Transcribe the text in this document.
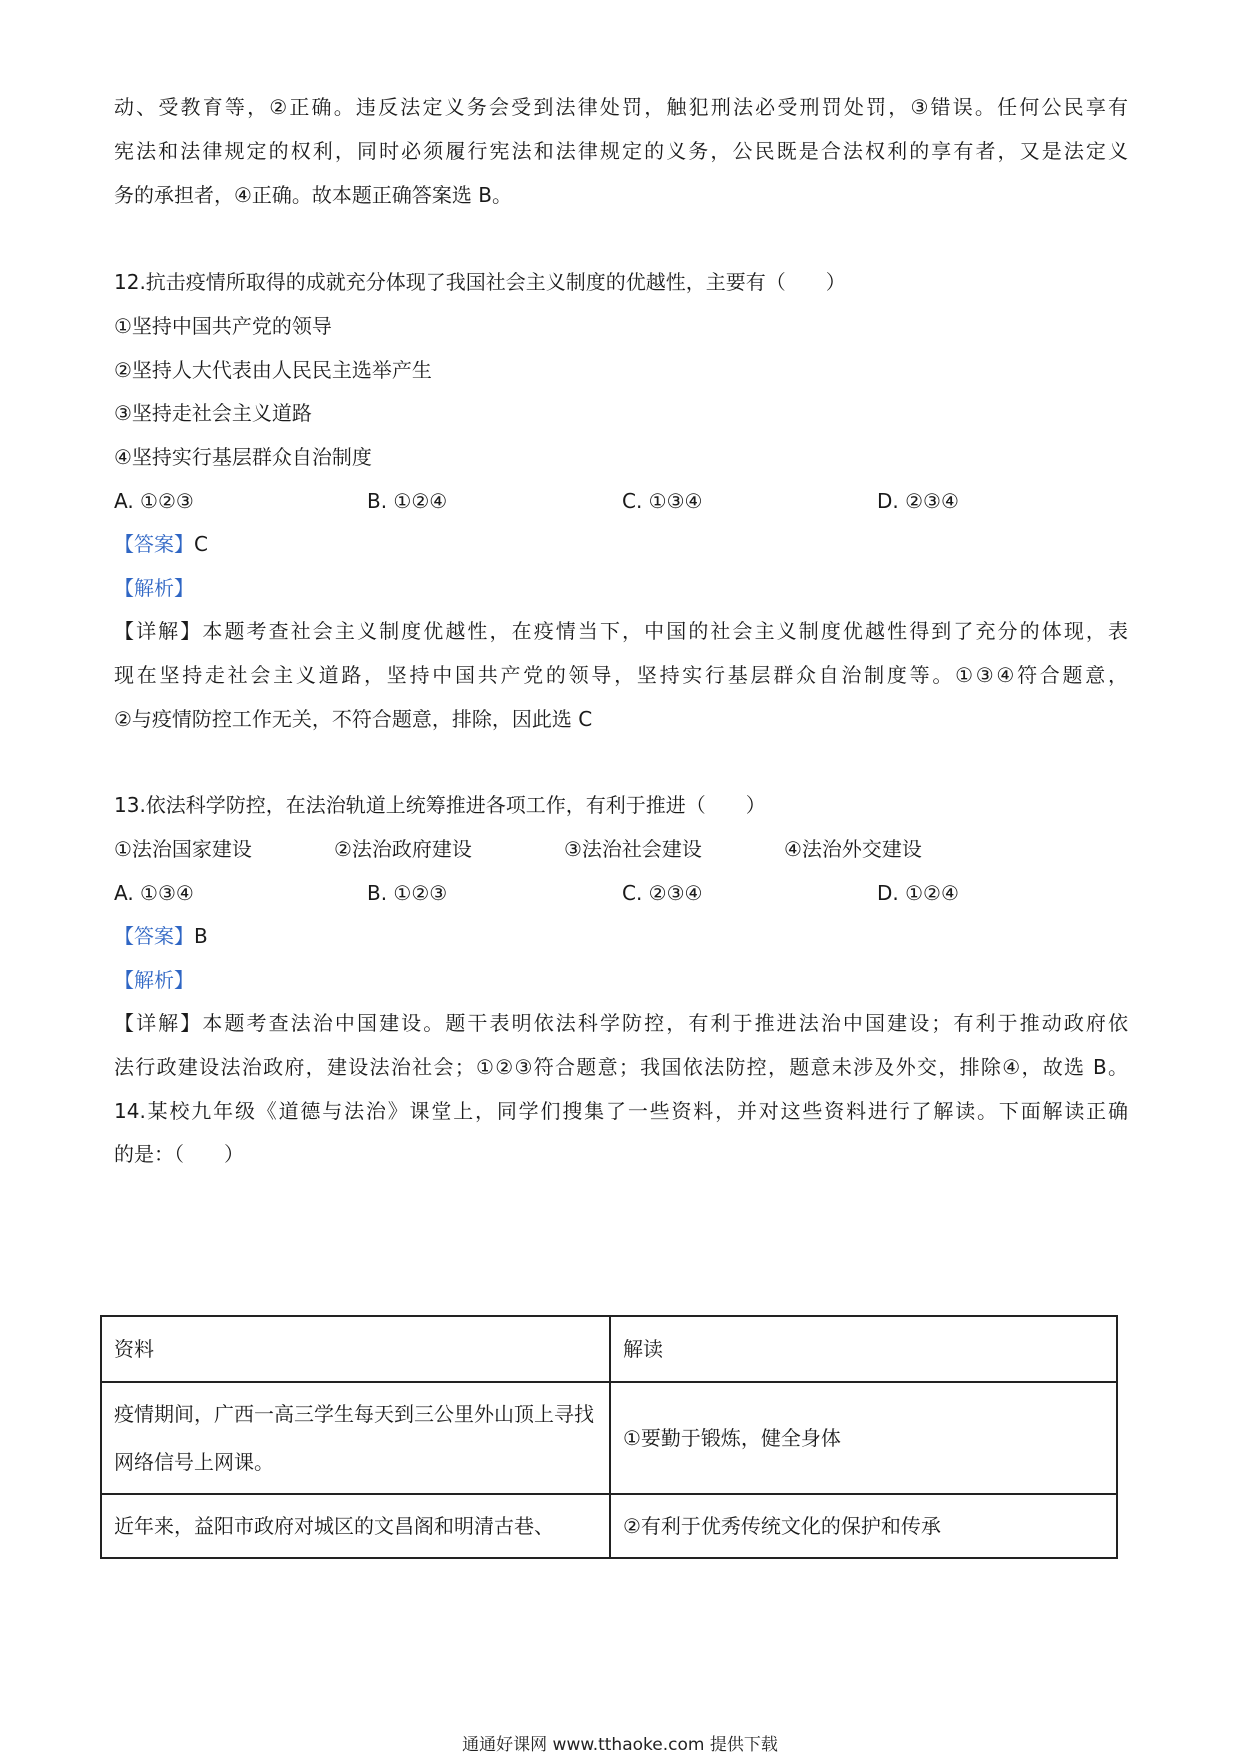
动、受教育等，②正确。违反法定义务会受到法律处罚，触犯刑法必受刑罚处罚，③错误。任何公民享有
宪法和法律规定的权利，同时必须履行宪法和法律规定的义务，公民既是合法权利的享有者，又是法定义
务的承担者，④正确。故本题正确答案选 B。
12.抗击疫情所取得的成就充分体现了我国社会主义制度的优越性，主要有（　　）
①坚持中国共产党的领导
②坚持人大代表由人民民主选举产生
③坚持走社会主义道路
④坚持实行基层群众自治制度
A. ①②③	B. ①②④	C. ①③④	D. ②③④
【答案】C
【解析】
【详解】本题考查社会主义制度优越性，在疫情当下，中国的社会主义制度优越性得到了充分的体现，表
现在坚持走社会主义道路，坚持中国共产党的领导，坚持实行基层群众自治制度等。①③④符合题意，
②与疫情防控工作无关，不符合题意，排除，因此选 C
13.依法科学防控，在法治轨道上统筹推进各项工作，有利于推进（　　）
①法治国家建设	②法治政府建设	③法治社会建设	④法治外交建设
A. ①③④	B. ①②③	C. ②③④	D. ①②④
【答案】B
【解析】
【详解】本题考查法治中国建设。题干表明依法科学防控，有利于推进法治中国建设；有利于推动政府依
法行政建设法治政府，建设法治社会；①②③符合题意；我国依法防控，题意未涉及外交，排除④，故选 B。
14.某校九年级《道德与法治》课堂上，同学们搜集了一些资料，并对这些资料进行了解读。下面解读正确
的是：（　　）
资料	解读
疫情期间，广西一高三学生每天到三公里外山顶上寻找网络信号上网课。	①要勤于锻炼，健全身体
近年来，益阳市政府对城区的文昌阁和明清古巷、	②有利于优秀传统文化的保护和传承
通通好课网 www.tthaoke.com 提供下载
